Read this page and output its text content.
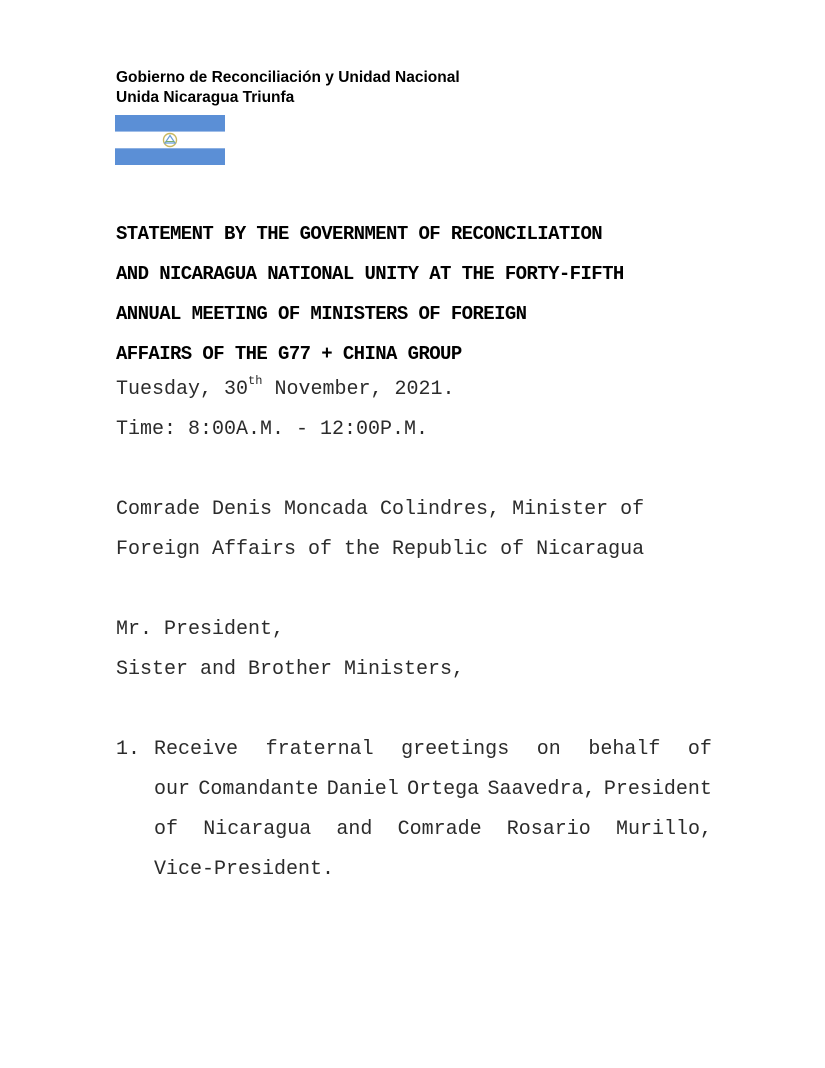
Gobierno de Reconciliación y Unidad Nacional
Unida Nicaragua Triunfa
STATEMENT BY THE GOVERNMENT OF RECONCILIATION
AND NICARAGUA NATIONAL UNITY AT THE FORTY-FIFTH
ANNUAL MEETING OF MINISTERS OF FOREIGN
AFFAIRS OF THE G77 + CHINA GROUP
Tuesday, 30th November, 2021.
Time: 8:00A.M. - 12:00P.M.
Comrade Denis Moncada Colindres, Minister of
Foreign Affairs of the Republic of Nicaragua
Mr. President,
Sister and Brother Ministers,
1. Receive fraternal greetings on behalf of
our Comandante Daniel Ortega Saavedra, President
of Nicaragua and Comrade Rosario Murillo,
Vice-President.
